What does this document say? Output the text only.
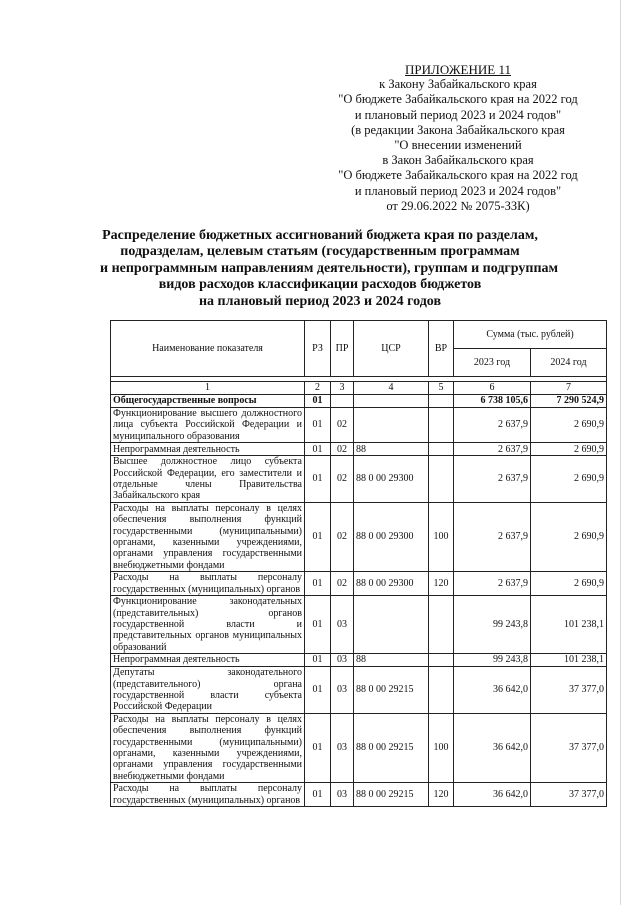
ПРИЛОЖЕНИЕ 11
к Закону Забайкальского края
"О бюджете Забайкальского края на 2022 год
и плановый период 2023 и 2024 годов"
(в редакции Закона Забайкальского края
"О внесении изменений
в Закон Забайкальского края
"О бюджете Забайкальского края на 2022 год
и плановый период 2023 и 2024 годов"
от 29.06.2022 № 2075-ЗЗК)
Распределение бюджетных ассигнований бюджета края по разделам,
подразделам, целевым статьям (государственным программам
и непрограммным направлениям деятельности), группам и подгруппам
видов расходов классификации расходов бюджетов
на плановый период 2023 и 2024 годов
Наименование показателя	РЗ	ПР	ЦСР	ВР	Сумма (тыс. рублей)	
					2023 год	2024 год

1	2	3	4	5	6	7
Общегосударственные вопросы	01				6 738 105,6	7 290 524,9
Функционирование высшего должностного лица субъекта Российской Федерации и муниципального образования	01	02			2 637,9	2 690,9
Непрограммная деятельность	01	02	88		2 637,9	2 690,9
Высшее должностное лицо субъекта Российской Федерации, его заместители и отдельные члены Правительства Забайкальского края	01	02	88 0 00 29300		2 637,9	2 690,9
Расходы на выплаты персоналу в целях обеспечения выполнения функций государственными (муниципальными) органами, казенными учреждениями, органами управления государственными внебюджетными фондами	01	02	88 0 00 29300	100	2 637,9	2 690,9
Расходы на выплаты персоналу государственных (муниципальных) органов	01	02	88 0 00 29300	120	2 637,9	2 690,9
Функционирование законодательных (представительных) органов государственной власти и представительных органов муниципальных образований	01	03			99 243,8	101 238,1
Непрограммная деятельность	01	03	88		99 243,8	101 238,1
Депутаты законодательного (представительного) органа государственной власти субъекта Российской Федерации	01	03	88 0 00 29215		36 642,0	37 377,0
Расходы на выплаты персоналу в целях обеспечения выполнения функций государственными (муниципальными) органами, казенными учреждениями, органами управления государственными внебюджетными фондами	01	03	88 0 00 29215	100	36 642,0	37 377,0
Расходы на выплаты персоналу государственных (муниципальных) органов	01	03	88 0 00 29215	120	36 642,0	37 377,0
